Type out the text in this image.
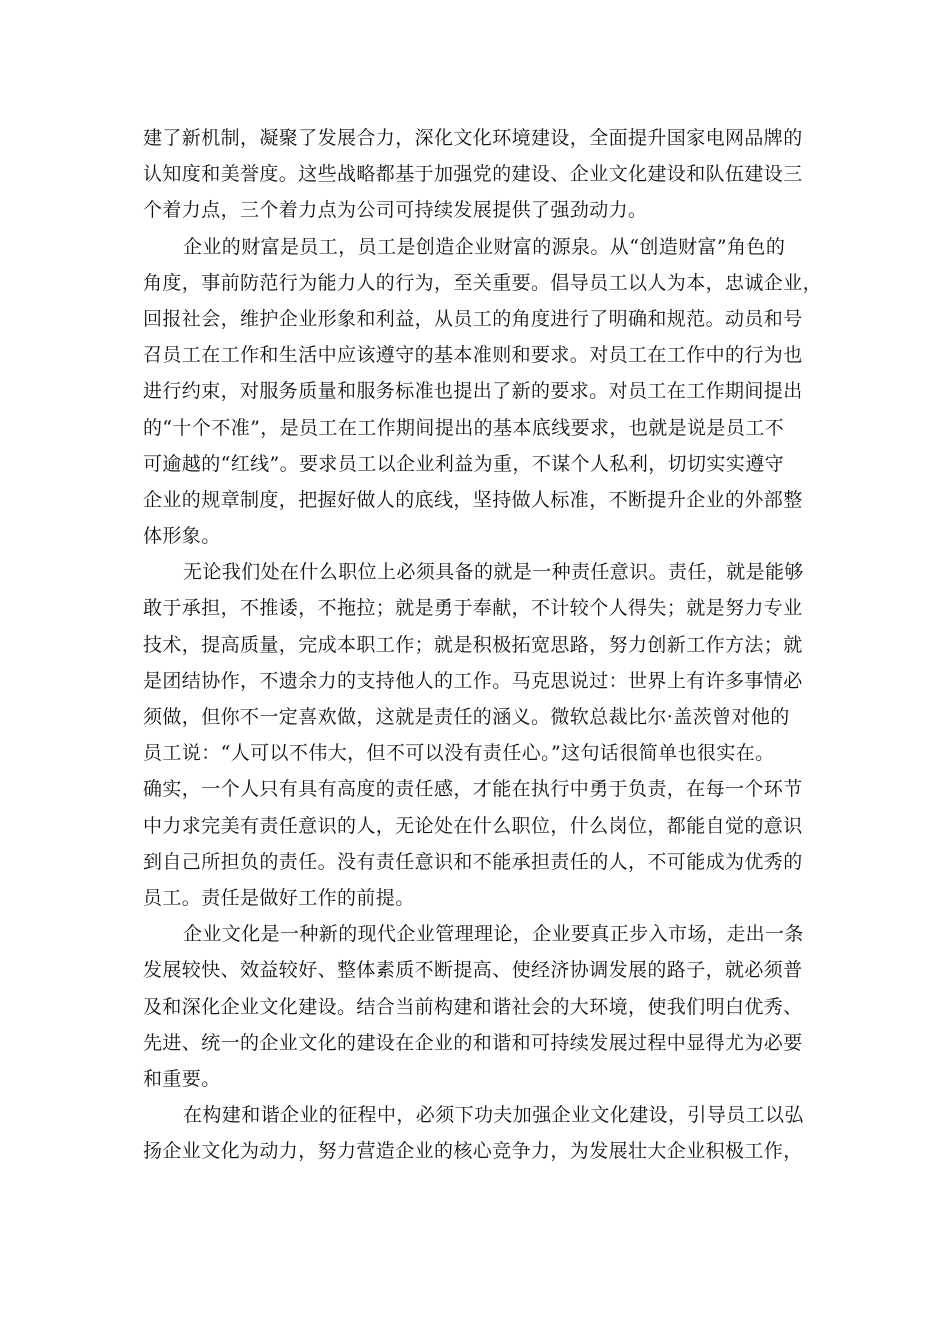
建了新机制，凝聚了发展合力，深化文化环境建设，全面提升国家电网品牌的
认知度和美誉度。这些战略都基于加强党的建设、企业文化建设和队伍建设三
个着力点，三个着力点为公司可持续发展提供了强劲动力。
企业的财富是员工，员工是创造企业财富的源泉。从“创造财富”角色的
角度，事前防范行为能力人的行为，至关重要。倡导员工以人为本，忠诚企业，
回报社会，维护企业形象和利益，从员工的角度进行了明确和规范。动员和号
召员工在工作和生活中应该遵守的基本准则和要求。对员工在工作中的行为也
进行约束，对服务质量和服务标准也提出了新的要求。对员工在工作期间提出
的“十个不准”，是员工在工作期间提出的基本底线要求，也就是说是员工不
可逾越的“红线”。要求员工以企业利益为重，不谋个人私利，切切实实遵守
企业的规章制度，把握好做人的底线，坚持做人标准，不断提升企业的外部整
体形象。
无论我们处在什么职位上必须具备的就是一种责任意识。责任，就是能够
敢于承担，不推诿，不拖拉；就是勇于奉献，不计较个人得失；就是努力专业
技术，提高质量，完成本职工作；就是积极拓宽思路，努力创新工作方法；就
是团结协作，不遗余力的支持他人的工作。马克思说过：世界上有许多事情必
须做，但你不一定喜欢做，这就是责任的涵义。微软总裁比尔·盖茨曾对他的
员工说：“人可以不伟大，但不可以没有责任心。”这句话很简单也很实在。
确实，一个人只有具有高度的责任感，才能在执行中勇于负责，在每一个环节
中力求完美有责任意识的人，无论处在什么职位，什么岗位，都能自觉的意识
到自己所担负的责任。没有责任意识和不能承担责任的人，不可能成为优秀的
员工。责任是做好工作的前提。
企业文化是一种新的现代企业管理理论，企业要真正步入市场，走出一条
发展较快、效益较好、整体素质不断提高、使经济协调发展的路子，就必须普
及和深化企业文化建设。结合当前构建和谐社会的大环境，使我们明白优秀、
先进、统一的企业文化的建设在企业的和谐和可持续发展过程中显得尤为必要
和重要。
在构建和谐企业的征程中，必须下功夫加强企业文化建设，引导员工以弘
扬企业文化为动力，努力营造企业的核心竞争力，为发展壮大企业积极工作，
